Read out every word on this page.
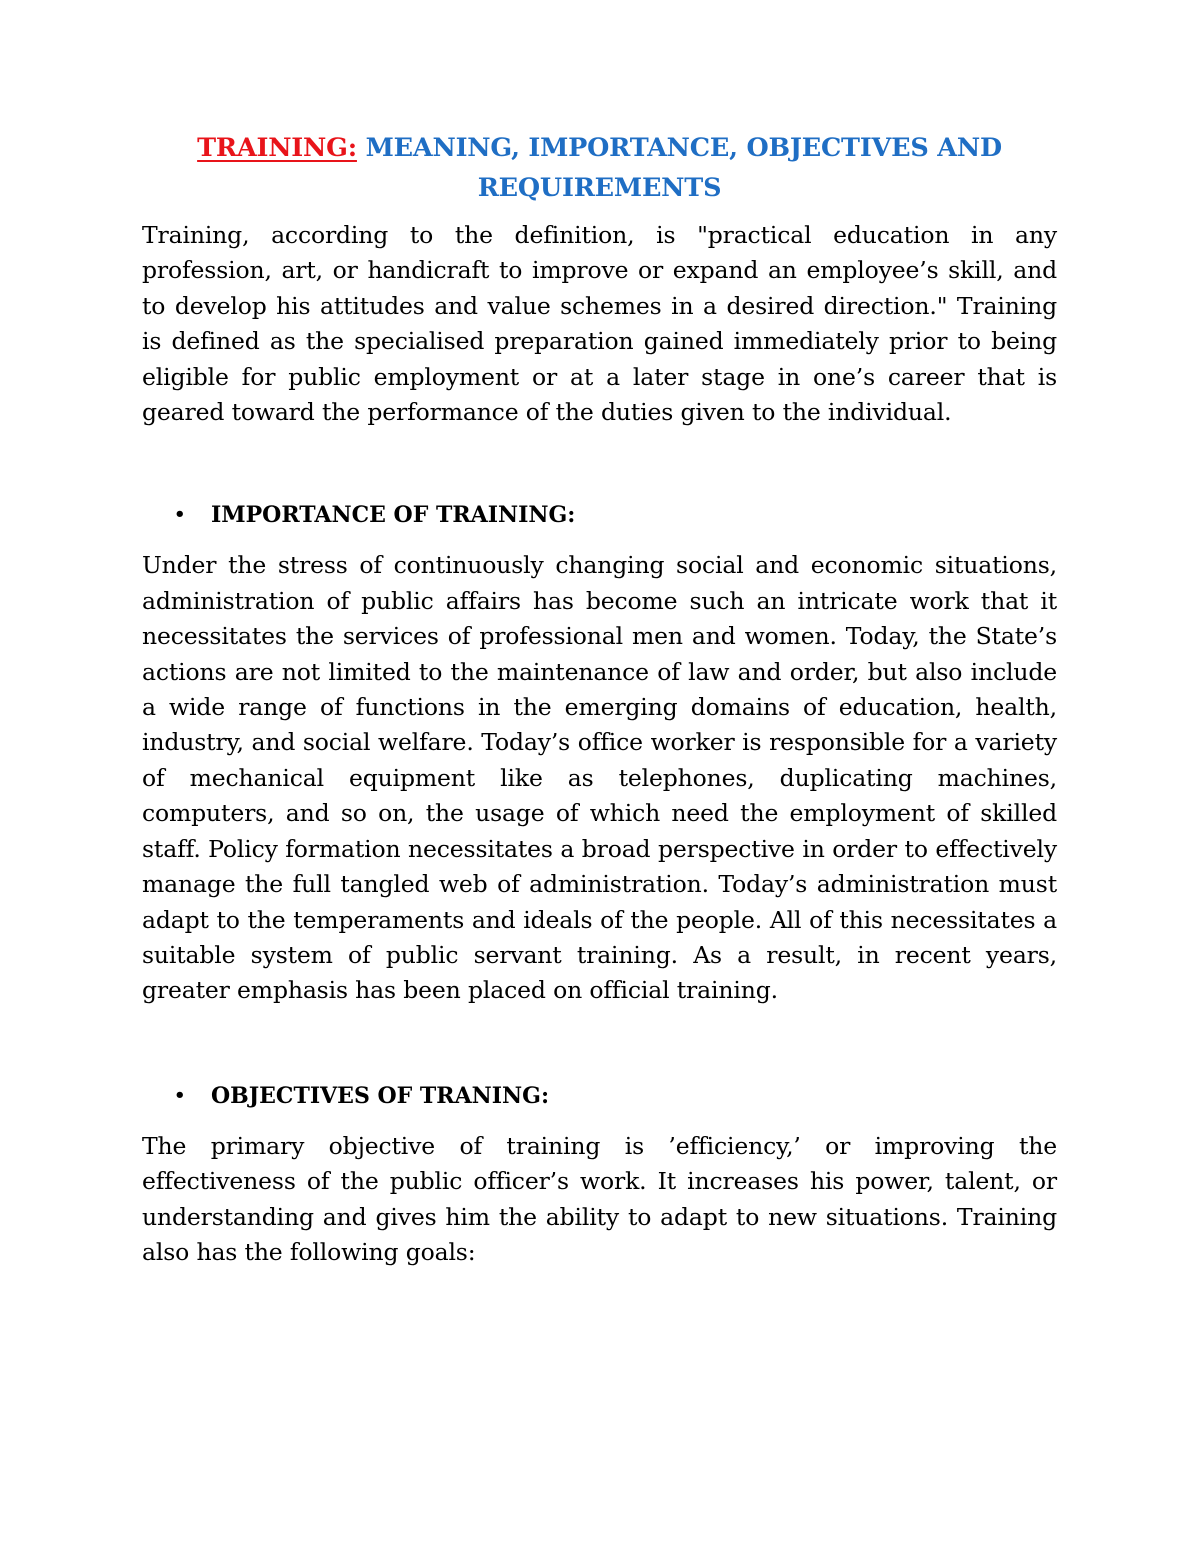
TRAINING: MEANING, IMPORTANCE, OBJECTIVES AND REQUIREMENTS

Training, according to the definition, is "practical education in any profession, art, or handicraft to improve or expand an employee’s skill, and to develop his attitudes and value schemes in a desired direction." Training is defined as the specialised preparation gained immediately prior to being eligible for public employment or at a later stage in one’s career that is geared toward the performance of the duties given to the individual.

•	IMPORTANCE OF TRAINING:

Under the stress of continuously changing social and economic situations, administration of public affairs has become such an intricate work that it necessitates the services of professional men and women. Today, the State’s actions are not limited to the maintenance of law and order, but also include a wide range of functions in the emerging domains of education, health, industry, and social welfare. Today’s office worker is responsible for a variety of mechanical equipment like as telephones, duplicating machines, computers, and so on, the usage of which need the employment of skilled staff. Policy formation necessitates a broad perspective in order to effectively manage the full tangled web of administration. Today’s administration must adapt to the temperaments and ideals of the people. All of this necessitates a suitable system of public servant training. As a result, in recent years, greater emphasis has been placed on official training.

•	OBJECTIVES OF TRANING:

The primary objective of training is ’efficiency,’ or improving the effectiveness of the public officer’s work. It increases his power, talent, or understanding and gives him the ability to adapt to new situations. Training also has the following goals:
